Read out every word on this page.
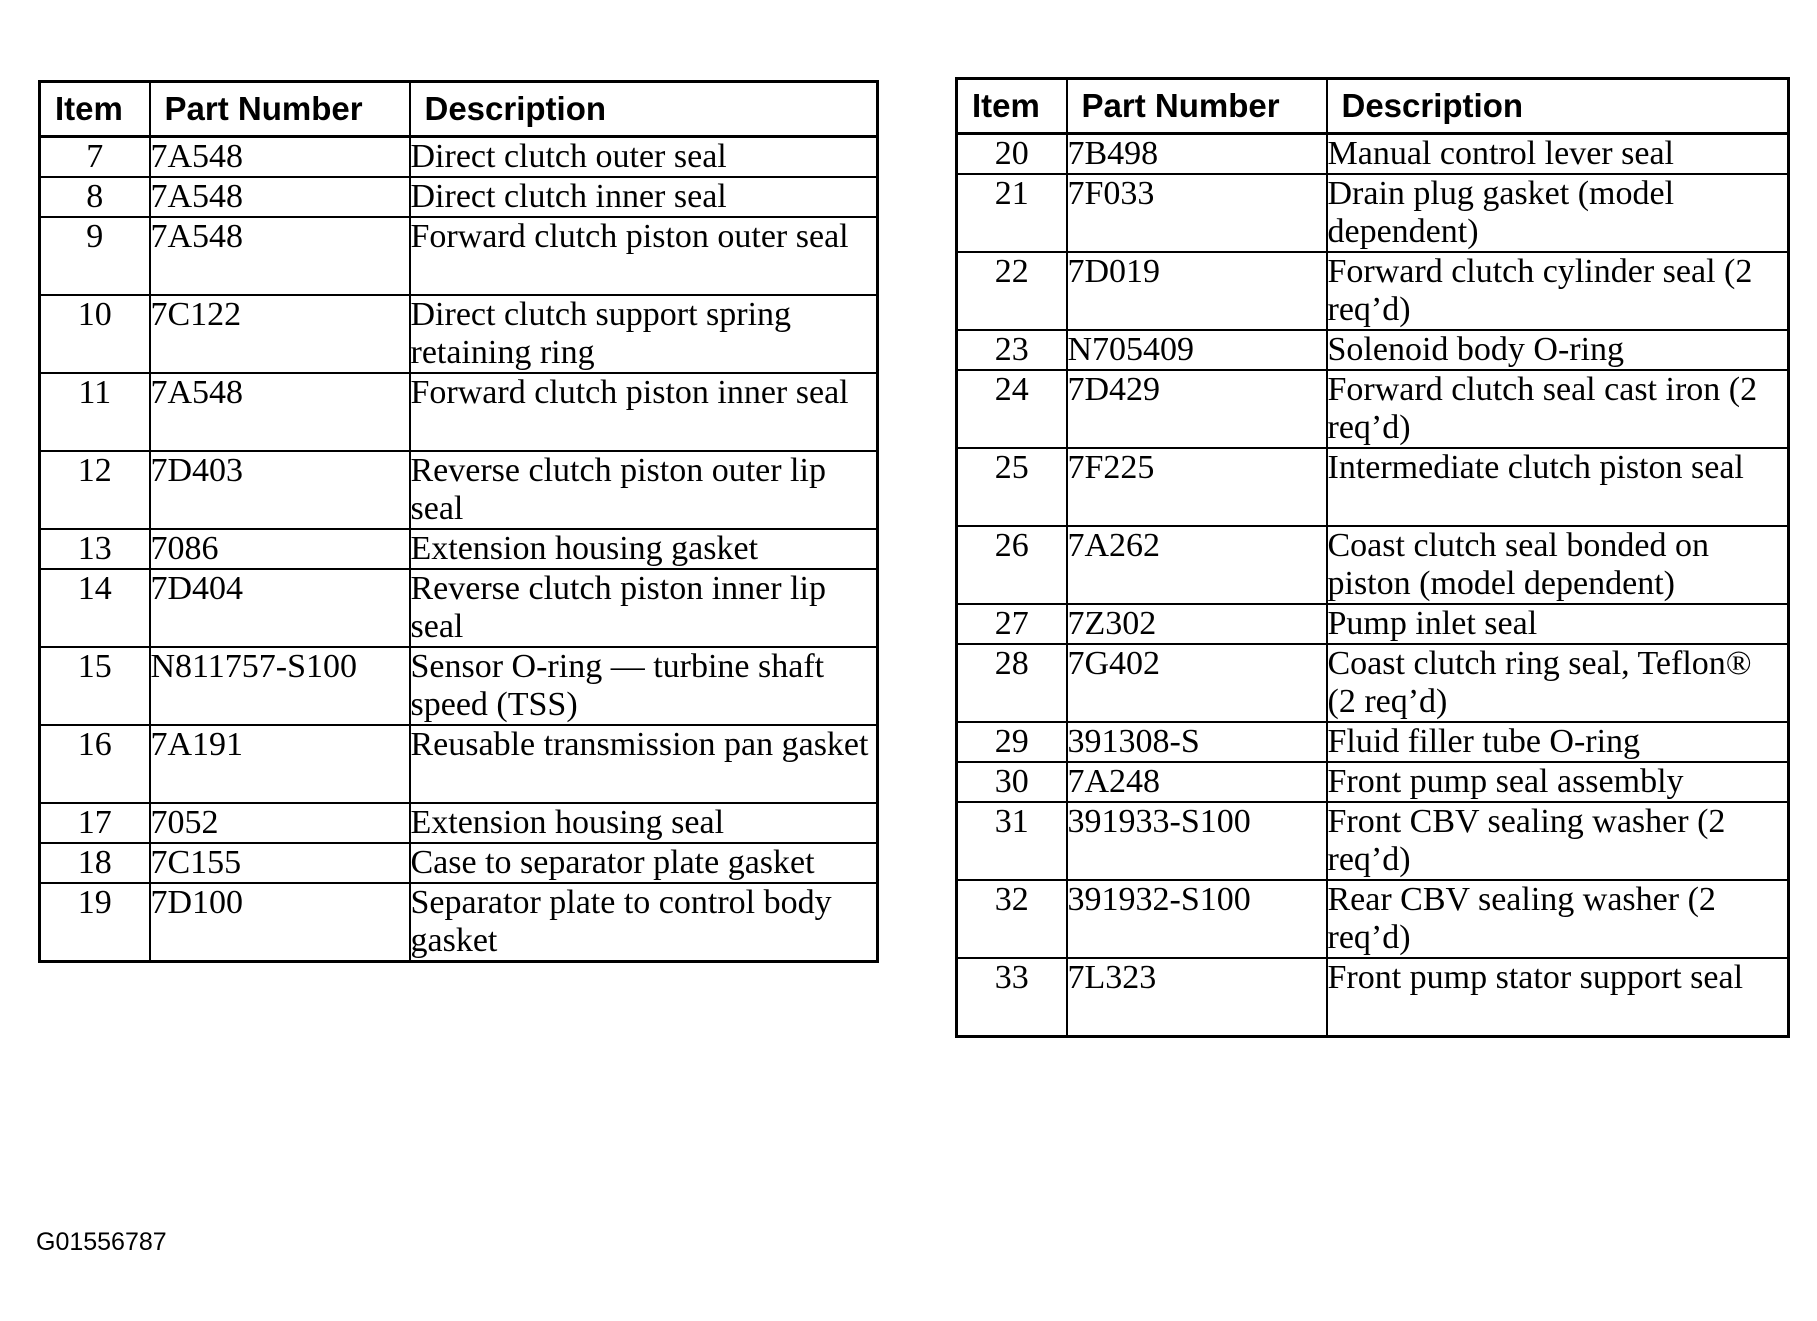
Item	Part Number	Description
7	7A548	Direct clutch outer seal
8	7A548	Direct clutch inner seal
9	7A548	Forward clutch piston outer seal
10	7C122	Direct clutch support spring retaining ring
11	7A548	Forward clutch piston inner seal
12	7D403	Reverse clutch piston outer lip seal
13	7086	Extension housing gasket
14	7D404	Reverse clutch piston inner lip seal
15	N811757-S100	Sensor O-ring — turbine shaft speed (TSS)
16	7A191	Reusable transmission pan gasket
17	7052	Extension housing seal
18	7C155	Case to separator plate gasket
19	7D100	Separator plate to control body gasket
Item	Part Number	Description
20	7B498	Manual control lever seal
21	7F033	Drain plug gasket (model dependent)
22	7D019	Forward clutch cylinder seal (2 req’d)
23	N705409	Solenoid body O-ring
24	7D429	Forward clutch seal cast iron (2 req’d)
25	7F225	Intermediate clutch piston seal
26	7A262	Coast clutch seal bonded on piston (model dependent)
27	7Z302	Pump inlet seal
28	7G402	Coast clutch ring seal, Teflon® (2 req’d)
29	391308-S	Fluid filler tube O-ring
30	7A248	Front pump seal assembly
31	391933-S100	Front CBV sealing washer (2 req’d)
32	391932-S100	Rear CBV sealing washer (2 req’d)
33	7L323	Front pump stator support seal
G01556787
